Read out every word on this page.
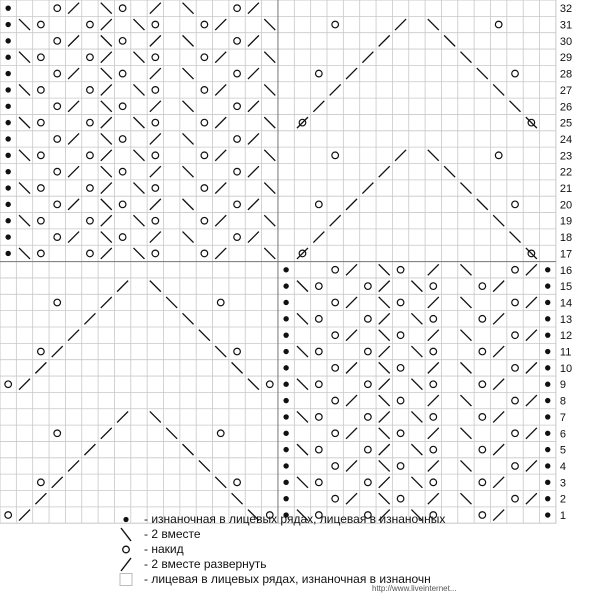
1
2
3
4
5
6
7
8
9
10
11
12
13
14
15
16
17
18
19
20
21
22
23
24
25
26
27
28
29
30
31
32
- изнаночная в лицевых рядах, лицевая в изнаночных
- 2 вместе
- накид
- 2 вместе развернуть
- лицевая в лицевых рядах, изнаночная в изнаночн
http://www.liveinternet...
